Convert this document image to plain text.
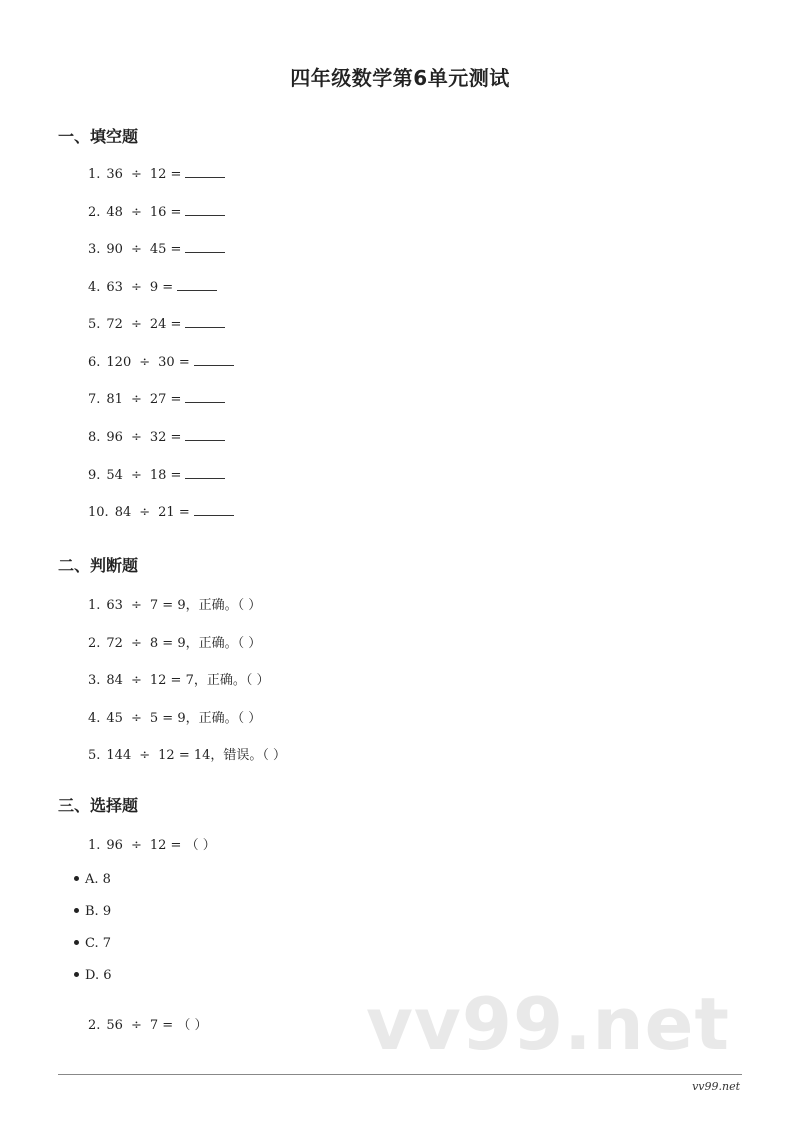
四年级数学第6单元测试
一、填空题
1. 36 ÷ 12 =
2. 48 ÷ 16 =
3. 90 ÷ 45 =
4. 63 ÷ 9 =
5. 72 ÷ 24 =
6. 120 ÷ 30 =
7. 81 ÷ 27 =
8. 96 ÷ 32 =
9. 54 ÷ 18 =
10. 84 ÷ 21 =
二、判断题
1. 63 ÷ 7 = 9，正确。（ ）
2. 72 ÷ 8 = 9，正确。（ ）
3. 84 ÷ 12 = 7，正确。（ ）
4. 45 ÷ 5 = 9，正确。（ ）
5. 144 ÷ 12 = 14，错误。（ ）
三、选择题
1. 96 ÷ 12 = （ ）
A. 8
B. 9
C. 7
D. 6
2. 56 ÷ 7 = （ ） vv99.net
vv99.net
